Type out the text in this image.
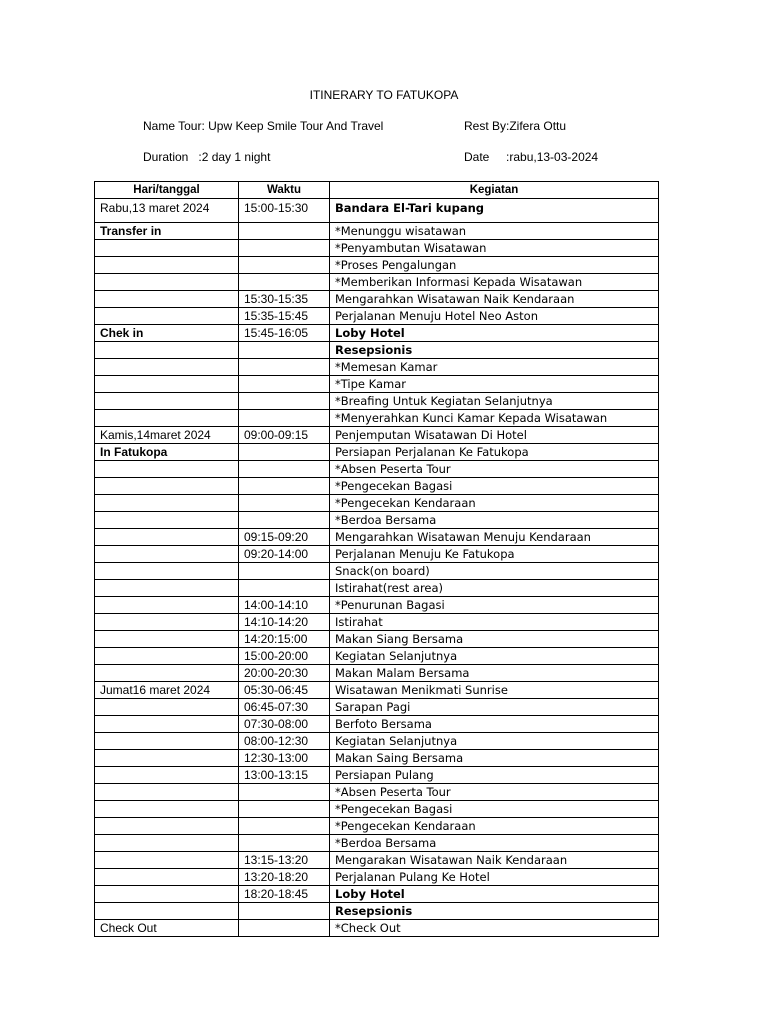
ITINERARY TO FATUKOPA
Name Tour: Upw Keep Smile Tour And Travel	Rest By:Zifera Ottu
Duration   :2 day 1 night	Date     :rabu,13-03-2024
Hari/tanggal	Waktu	Kegiatan
Rabu,13 maret 2024	15:00-15:30	Bandara El-Tari kupang
Transfer in		*Menunggu wisatawan
		*Penyambutan Wisatawan
		*Proses Pengalungan
		*Memberikan Informasi Kepada Wisatawan
	15:30-15:35	Mengarahkan Wisatawan Naik Kendaraan
	15:35-15:45	Perjalanan Menuju Hotel Neo Aston
Chek in	15:45-16:05	Loby Hotel
		Resepsionis
		*Memesan Kamar
		*Tipe Kamar
		*Breafing Untuk Kegiatan Selanjutnya
		*Menyerahkan Kunci Kamar Kepada Wisatawan
Kamis,14maret 2024	09:00-09:15	Penjemputan Wisatawan Di Hotel
In Fatukopa		Persiapan Perjalanan Ke Fatukopa
		*Absen Peserta Tour
		*Pengecekan Bagasi
		*Pengecekan Kendaraan
		*Berdoa Bersama
	09:15-09:20	Mengarahkan Wisatawan Menuju Kendaraan
	09:20-14:00	Perjalanan Menuju Ke Fatukopa
		Snack(on board)
		Istirahat(rest area)
	14:00-14:10	*Penurunan Bagasi
	14:10-14:20	Istirahat
	14:20:15:00	Makan Siang Bersama
	15:00-20:00	Kegiatan Selanjutnya
	20:00-20:30	Makan Malam Bersama
Jumat16 maret 2024	05:30-06:45	Wisatawan Menikmati Sunrise
	06:45-07:30	Sarapan Pagi
	07:30-08:00	Berfoto Bersama
	08:00-12:30	Kegiatan Selanjutnya
	12:30-13:00	Makan Saing Bersama
	13:00-13:15	Persiapan Pulang
		*Absen Peserta Tour
		*Pengecekan Bagasi
		*Pengecekan Kendaraan
		*Berdoa Bersama
	13:15-13:20	Mengarakan Wisatawan Naik Kendaraan
	13:20-18:20	Perjalanan Pulang Ke Hotel
	18:20-18:45	Loby Hotel
		Resepsionis
Check Out		*Check Out
